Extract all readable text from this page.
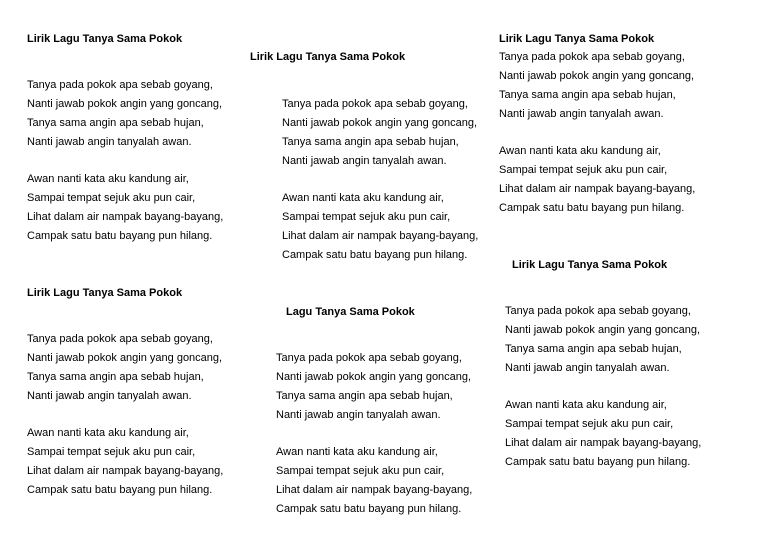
Lirik Lagu Tanya Sama Pokok
Tanya pada pokok apa sebab goyang,
Nanti jawab pokok angin yang goncang,
Tanya sama angin apa sebab hujan,
Nanti jawab angin tanyalah awan.
Awan nanti kata aku kandung air,
Sampai tempat sejuk aku pun cair,
Lihat dalam air nampak bayang-bayang,
Campak satu batu bayang pun hilang.
Lirik Lagu Tanya Sama Pokok
Tanya pada pokok apa sebab goyang,
Nanti jawab pokok angin yang goncang,
Tanya sama angin apa sebab hujan,
Nanti jawab angin tanyalah awan.
Awan nanti kata aku kandung air,
Sampai tempat sejuk aku pun cair,
Lihat dalam air nampak bayang-bayang,
Campak satu batu bayang pun hilang.
Lirik Lagu Tanya Sama Pokok
Tanya pada pokok apa sebab goyang,
Nanti jawab pokok angin yang goncang,
Tanya sama angin apa sebab hujan,
Nanti jawab angin tanyalah awan.
Awan nanti kata aku kandung air,
Sampai tempat sejuk aku pun cair,
Lihat dalam air nampak bayang-bayang,
Campak satu batu bayang pun hilang.
Lirik Lagu Tanya Sama Pokok
Tanya pada pokok apa sebab goyang,
Nanti jawab pokok angin yang goncang,
Tanya sama angin apa sebab hujan,
Nanti jawab angin tanyalah awan.
Awan nanti kata aku kandung air,
Sampai tempat sejuk aku pun cair,
Lihat dalam air nampak bayang-bayang,
Campak satu batu bayang pun hilang.
Lagu Tanya Sama Pokok
Tanya pada pokok apa sebab goyang,
Nanti jawab pokok angin yang goncang,
Tanya sama angin apa sebab hujan,
Nanti jawab angin tanyalah awan.
Awan nanti kata aku kandung air,
Sampai tempat sejuk aku pun cair,
Lihat dalam air nampak bayang-bayang,
Campak satu batu bayang pun hilang.
Lirik Lagu Tanya Sama Pokok
Tanya pada pokok apa sebab goyang,
Nanti jawab pokok angin yang goncang,
Tanya sama angin apa sebab hujan,
Nanti jawab angin tanyalah awan.
Awan nanti kata aku kandung air,
Sampai tempat sejuk aku pun cair,
Lihat dalam air nampak bayang-bayang,
Campak satu batu bayang pun hilang.
